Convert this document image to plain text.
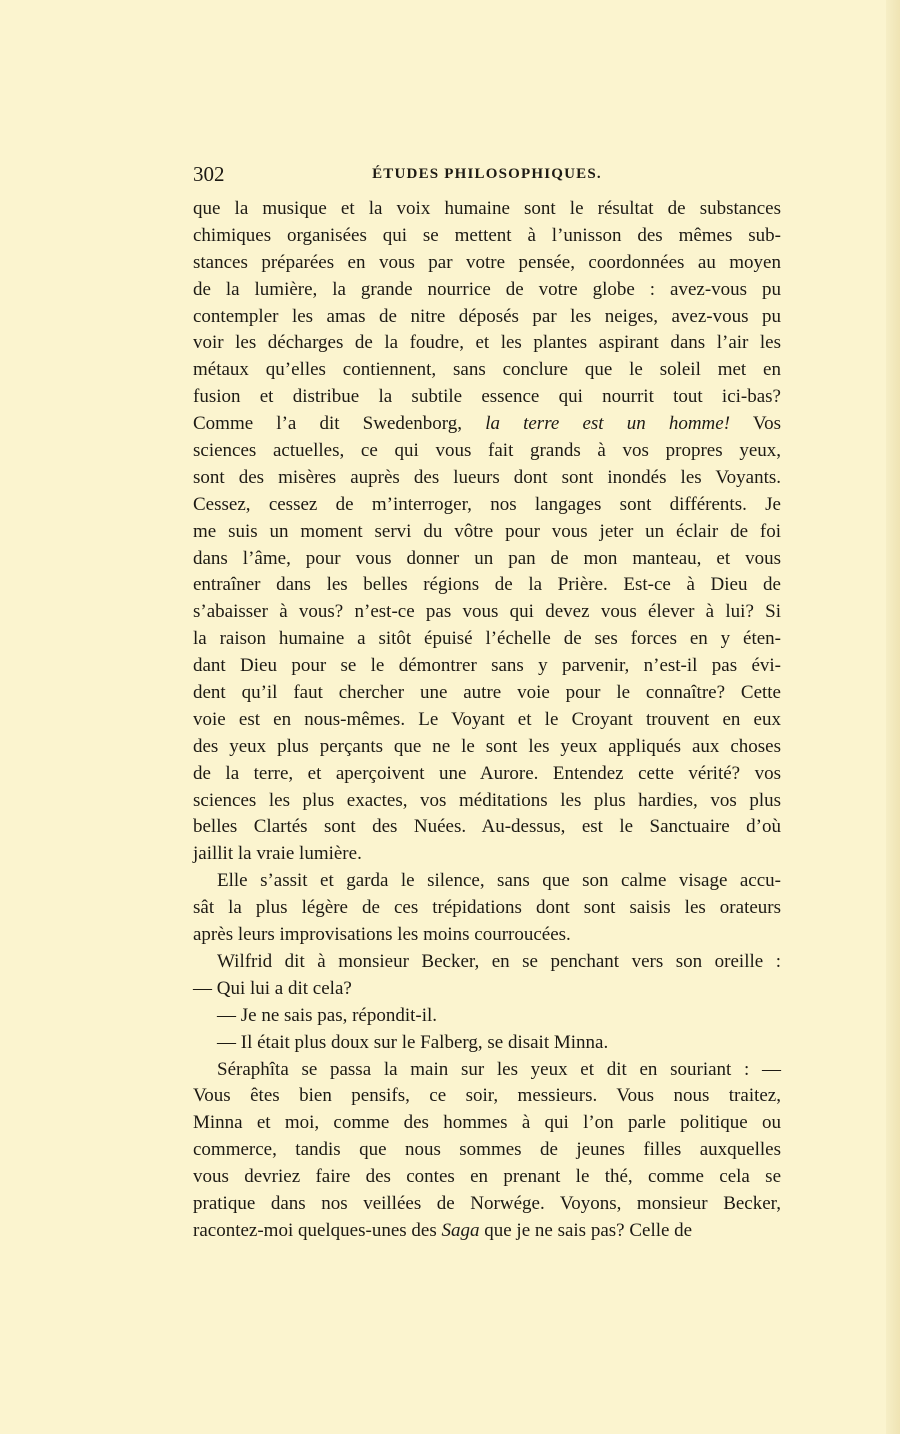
302	ÉTUDES PHILOSOPHIQUES.
que la musique et la voix humaine sont le résultat de substances
chimiques organisées qui se mettent à l’unisson des mêmes sub-
stances préparées en vous par votre pensée, coordonnées au moyen
de la lumière, la grande nourrice de votre globe : avez-vous pu
contempler les amas de nitre déposés par les neiges, avez-vous pu
voir les décharges de la foudre, et les plantes aspirant dans l’air les
métaux qu’elles contiennent, sans conclure que le soleil met en
fusion et distribue la subtile essence qui nourrit tout ici-bas?
Comme l’a dit Swedenborg, la terre est un homme! Vos
sciences actuelles, ce qui vous fait grands à vos propres yeux,
sont des misères auprès des lueurs dont sont inondés les Voyants.
Cessez, cessez de m’interroger, nos langages sont différents. Je
me suis un moment servi du vôtre pour vous jeter un éclair de foi
dans l’âme, pour vous donner un pan de mon manteau, et vous
entraîner dans les belles régions de la Prière. Est-ce à Dieu de
s’abaisser à vous? n’est-ce pas vous qui devez vous élever à lui? Si
la raison humaine a sitôt épuisé l’échelle de ses forces en y éten-
dant Dieu pour se le démontrer sans y parvenir, n’est-il pas évi-
dent qu’il faut chercher une autre voie pour le connaître? Cette
voie est en nous-mêmes. Le Voyant et le Croyant trouvent en eux
des yeux plus perçants que ne le sont les yeux appliqués aux choses
de la terre, et aperçoivent une Aurore. Entendez cette vérité? vos
sciences les plus exactes, vos méditations les plus hardies, vos plus
belles Clartés sont des Nuées. Au-dessus, est le Sanctuaire d’où
jaillit la vraie lumière.
Elle s’assit et garda le silence, sans que son calme visage accu-
sât la plus légère de ces trépidations dont sont saisis les orateurs
après leurs improvisations les moins courroucées.
Wilfrid dit à monsieur Becker, en se penchant vers son oreille :
— Qui lui a dit cela?
— Je ne sais pas, répondit-il.
— Il était plus doux sur le Falberg, se disait Minna.
Séraphîta se passa la main sur les yeux et dit en souriant : —
Vous êtes bien pensifs, ce soir, messieurs. Vous nous traitez,
Minna et moi, comme des hommes à qui l’on parle politique ou
commerce, tandis que nous sommes de jeunes filles auxquelles
vous devriez faire des contes en prenant le thé, comme cela se
pratique dans nos veillées de Norwége. Voyons, monsieur Becker,
racontez-moi quelques-unes des Saga que je ne sais pas? Celle de
